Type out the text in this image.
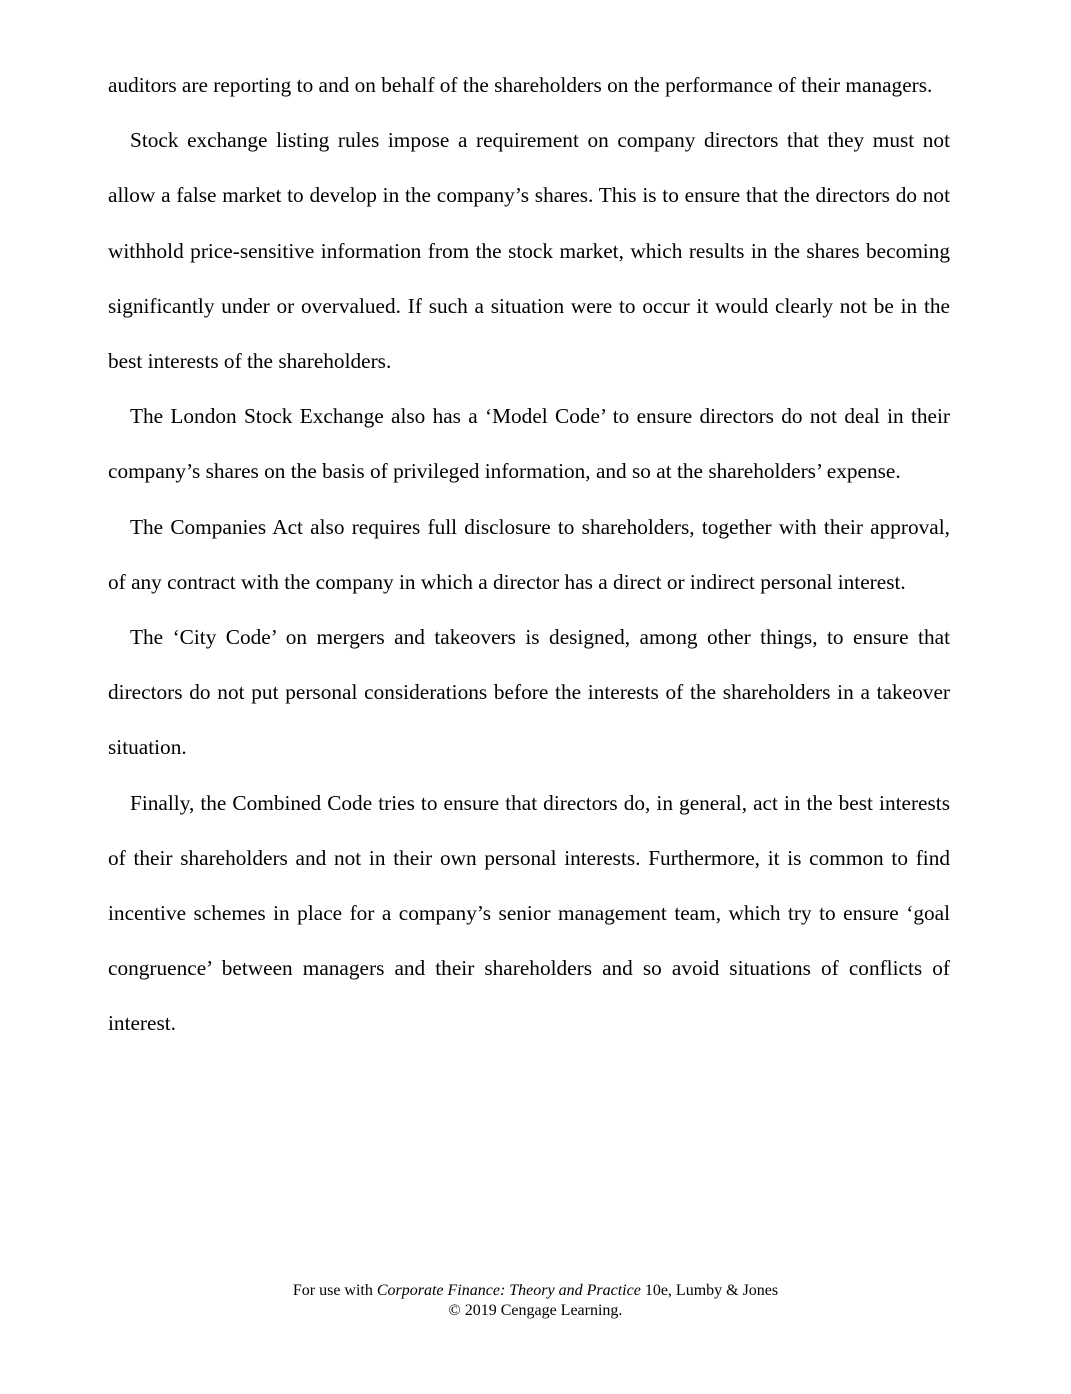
auditors are reporting to and on behalf of the shareholders on the performance of their managers.

Stock exchange listing rules impose a requirement on company directors that they must not allow a false market to develop in the company’s shares. This is to ensure that the directors do not withhold price-sensitive information from the stock market, which results in the shares becoming significantly under or overvalued. If such a situation were to occur it would clearly not be in the best interests of the shareholders.

The London Stock Exchange also has a ‘Model Code’ to ensure directors do not deal in their company’s shares on the basis of privileged information, and so at the shareholders’ expense.

The Companies Act also requires full disclosure to shareholders, together with their approval, of any contract with the company in which a director has a direct or indirect personal interest.

The ‘City Code’ on mergers and takeovers is designed, among other things, to ensure that directors do not put personal considerations before the interests of the shareholders in a takeover situation.

Finally, the Combined Code tries to ensure that directors do, in general, act in the best interests of their shareholders and not in their own personal interests. Furthermore, it is common to find incentive schemes in place for a company’s senior management team, which try to ensure ‘goal congruence’ between managers and their shareholders and so avoid situations of conflicts of interest.

For use with Corporate Finance: Theory and Practice 10e, Lumby & Jones
© 2019 Cengage Learning.
